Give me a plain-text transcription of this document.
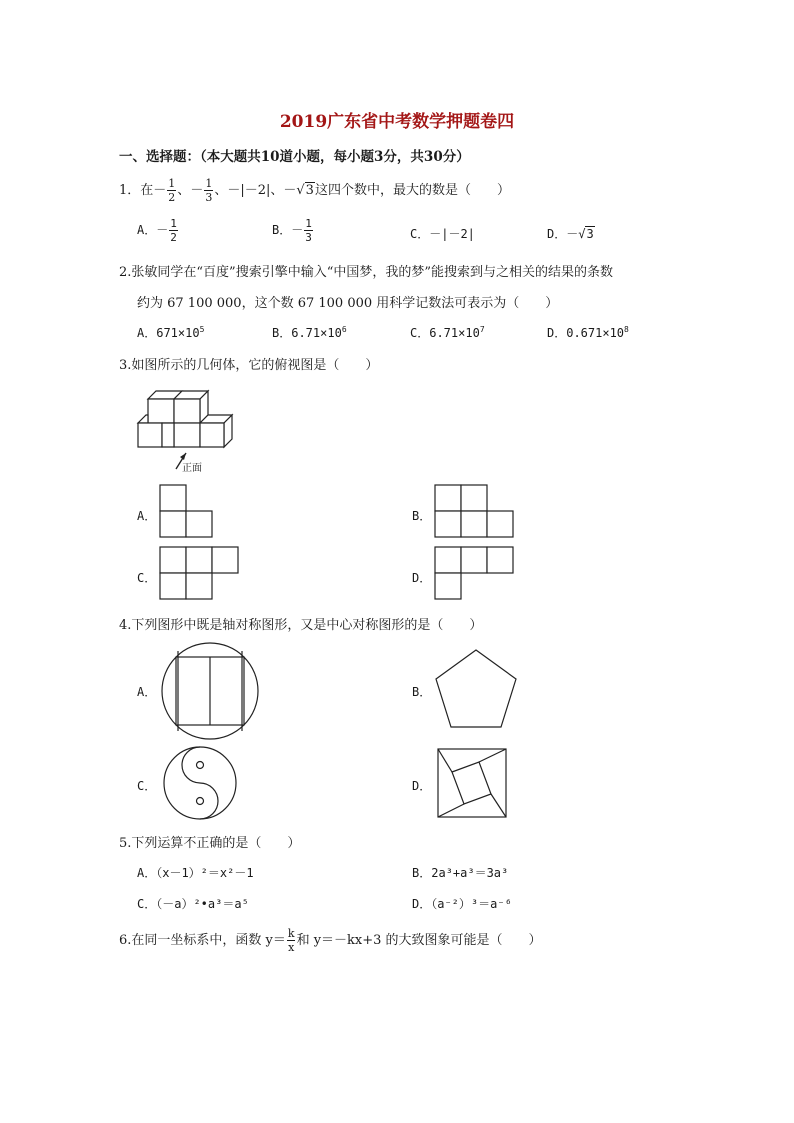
2019广东省中考数学押题卷四
一、选择题：（本大题共10道小题，每小题3分，共30分）
1．在－ $\frac{1}{2}$ 、－ $\frac{1}{3}$ 、－|－2|、－√3这四个数中，最大的数是（　　）
A．－ $\frac{1}{2}$	B．－ $\frac{1}{3}$	C．－|－2|	D．－√3
2.张敏同学在“百度”搜索引擎中输入“中国梦，我的梦”能搜索到与之相关的结果的条数
约为 67 100 000，这个数 67 100 000 用科学记数法可表示为（　　）
A．$671\times 10^5$	B．$6.71\times 10^6$	C．$6.71\times 10^7$	D．$0.671\times 10^8$
3.如图所示的几何体，它的俯视图是（　　）
正面
A．	B．
C．	D．
4.下列图形中既是轴对称图形，又是中心对称图形的是（　　）
A．	B．
C．	D．
5.下列运算不正确的是（　　）
A．（x－1）²＝x²－1	B．2a³+a³＝3a³
C．（－a）²•a³＝a⁵	D．（a⁻²）³＝a⁻⁶
6.在同一坐标系中，函数 $y= \frac{k}{x}$ 和 y＝－kx+3 的大致图象可能是（　　）
